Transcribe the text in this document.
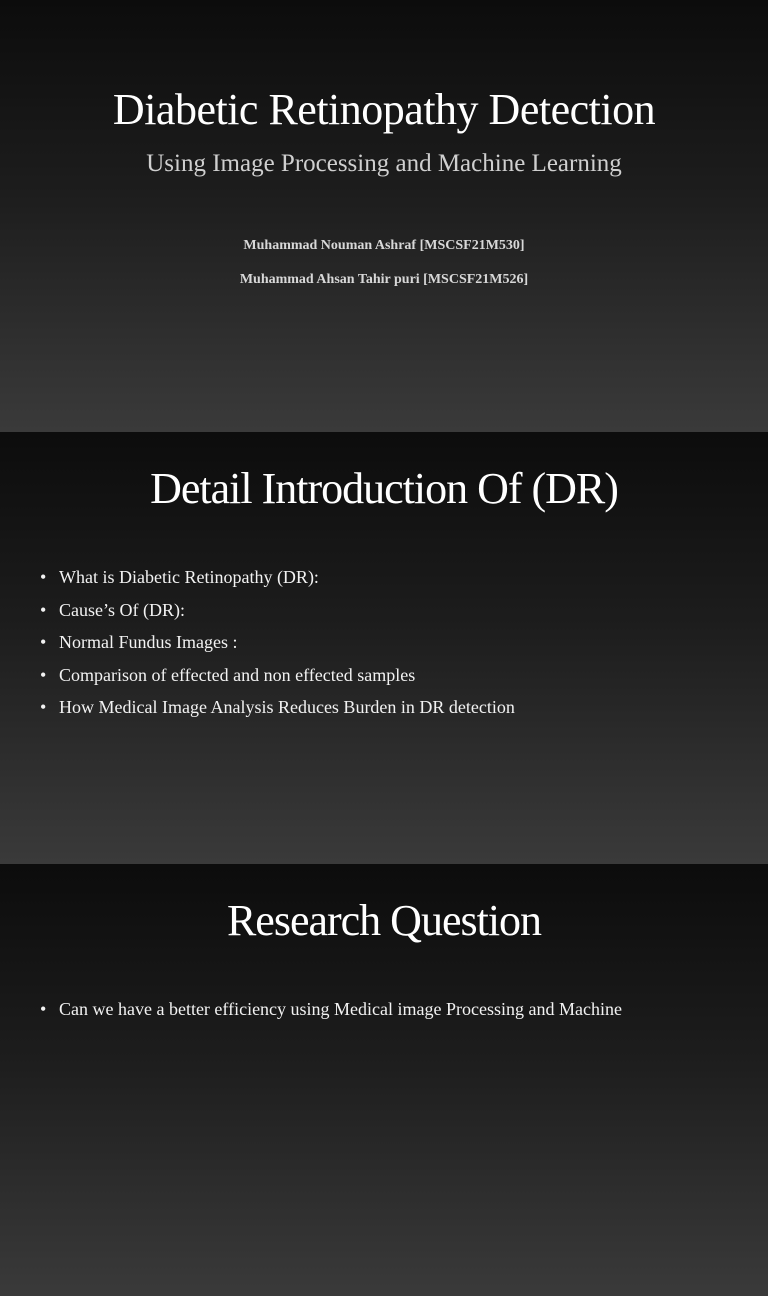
Diabetic Retinopathy Detection
Using Image Processing and Machine Learning
Muhammad Nouman Ashraf [MSCSF21M530]
Muhammad Ahsan Tahir puri [MSCSF21M526]
Detail Introduction Of (DR)
• What is Diabetic Retinopathy (DR):
• Cause’s Of (DR):
• Normal Fundus Images :
• Comparison of effected and non effected samples
• How Medical Image Analysis Reduces Burden in DR detection
Research Question
• Can we have a better efficiency using Medical image Processing and Machine
